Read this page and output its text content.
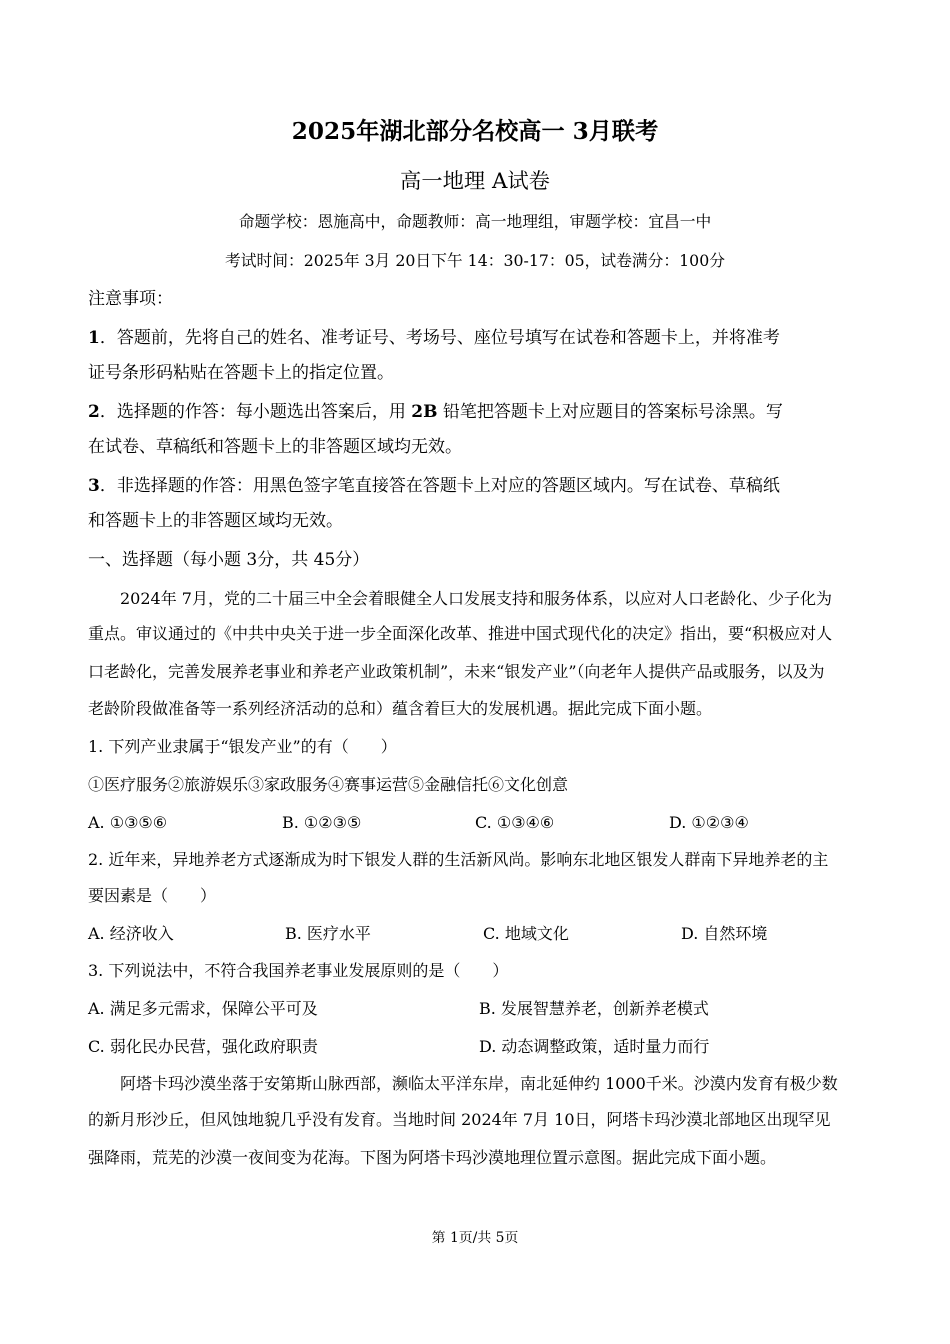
2025年湖北部分名校高一 3月联考
高一地理 A试卷
命题学校：恩施高中，命题教师：高一地理组，审题学校：宜昌一中
考试时间：2025年 3月 20日下午 14：30-17：05，试卷满分：100分
注意事项：
1．答题前，先将自己的姓名、准考证号、考场号、座位号填写在试卷和答题卡上，并将准考
证号条形码粘贴在答题卡上的指定位置。
2．选择题的作答：每小题选出答案后，用 2B 铅笔把答题卡上对应题目的答案标号涂黑。写
在试卷、草稿纸和答题卡上的非答题区域均无效。
3．非选择题的作答：用黑色签字笔直接答在答题卡上对应的答题区域内。写在试卷、草稿纸
和答题卡上的非答题区域均无效。
一、选择题（每小题 3分，共 45分）
2024年 7月，党的二十届三中全会着眼健全人口发展支持和服务体系，以应对人口老龄化、少子化为
重点。审议通过的《中共中央关于进一步全面深化改革、推进中国式现代化的决定》指出，要“积极应对人
口老龄化，完善发展养老事业和养老产业政策机制”，未来“银发产业”（向老年人提供产品或服务，以及为
老龄阶段做准备等一系列经济活动的总和）蕴含着巨大的发展机遇。据此完成下面小题。
1. 下列产业隶属于“银发产业”的有（　　）
①医疗服务②旅游娱乐③家政服务④赛事运营⑤金融信托⑥文化创意
A. ①③⑤⑥	B. ①②③⑤	C. ①③④⑥	D. ①②③④
2. 近年来，异地养老方式逐渐成为时下银发人群的生活新风尚。影响东北地区银发人群南下异地养老的主
要因素是（　　）
A. 经济收入	B. 医疗水平	C. 地域文化	D. 自然环境
3. 下列说法中，不符合我国养老事业发展原则的是（　　）
A. 满足多元需求，保障公平可及	B. 发展智慧养老，创新养老模式
C. 弱化民办民营，强化政府职责	D. 动态调整政策，适时量力而行
阿塔卡玛沙漠坐落于安第斯山脉西部，濒临太平洋东岸，南北延伸约 1000千米。沙漠内发育有极少数
的新月形沙丘，但风蚀地貌几乎没有发育。当地时间 2024年 7月 10日，阿塔卡玛沙漠北部地区出现罕见
强降雨，荒芜的沙漠一夜间变为花海。下图为阿塔卡玛沙漠地理位置示意图。据此完成下面小题。
第 1页/共 5页
